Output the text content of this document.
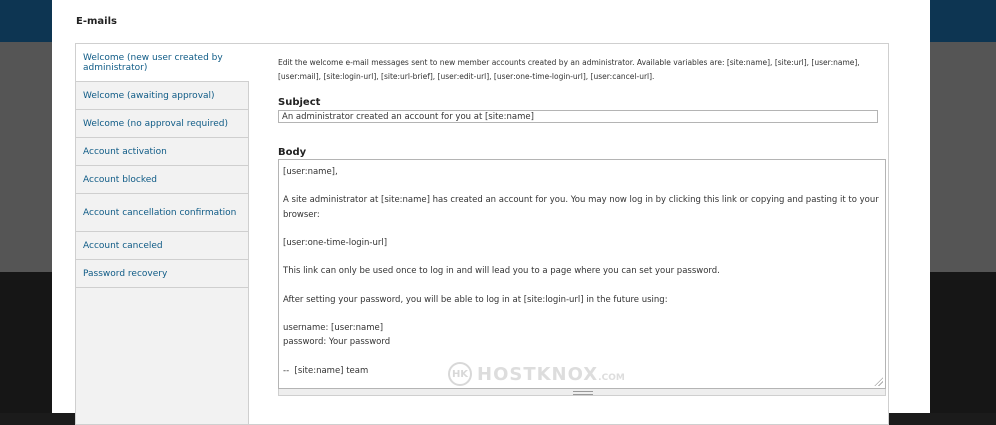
E-mails
Welcome (new user created by administrator)
Welcome (awaiting approval)
Welcome (no approval required)
Account activation
Account blocked
Account cancellation confirmation
Account canceled
Password recovery
Edit the welcome e-mail messages sent to new member accounts created by an administrator. Available variables are: [site:name], [site:url], [user:name], [user:mail], [site:login-url], [site:url-brief], [user:edit-url], [user:one-time-login-url], [user:cancel-url].
Subject
An administrator created an account for you at [site:name]
Body
[user:name], A site administrator at [site:name] has created an account for you. You may now log in by clicking this link or copying and pasting it to your browser: [user:one-time-login-url] This link can only be used once to log in and will lead you to a page where you can set your password. After setting your password, you will be able to log in at [site:login-url] in the future using: username: [user:name] password: Your password -- [site:name] team
HK HOSTKNOX.COM
